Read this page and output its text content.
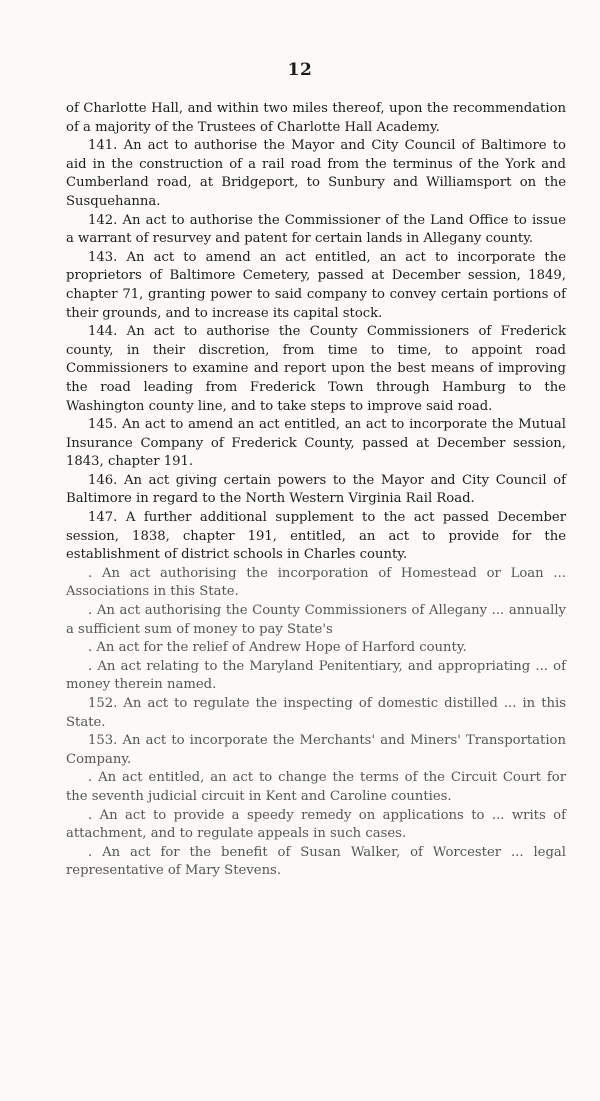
12

of Charlotte Hall, and within two miles thereof, upon the recommendation of a majority of the Trustees of Charlotte Hall Academy.

141. An act to authorise the Mayor and City Council of Baltimore to aid in the construction of a rail road from the terminus of the York and Cumberland road, at Bridgeport, to Sunbury and Williamsport on the Susquehanna.

142. An act to authorise the Commissioner of the Land Office to issue a warrant of resurvey and patent for certain lands in Allegany county.

143. An act to amend an act entitled, an act to incorporate the proprietors of Baltimore Cemetery, passed at December session, 1849, chapter 71, granting power to said company to convey certain portions of their grounds, and to increase its capital stock.

144. An act to authorise the County Commissioners of Frederick county, in their discretion, from time to time, to appoint road Commissioners to examine and report upon the best means of improving the road leading from Frederick Town through Hamburg to the Washington county line, and to take steps to improve said road.

145. An act to amend an act entitled, an act to incorporate the Mutual Insurance Company of Frederick County, passed at December session, 1843, chapter 191.

146. An act giving certain powers to the Mayor and City Council of Baltimore in regard to the North Western Virginia Rail Road.

147. A further additional supplement to the act passed December session, 1838, chapter 191, entitled, an act to provide for the establishment of district schools in Charles county.

. An act authorising the incorporation of Homestead or Loan ... Associations in this State.

. An act authorising the County Commissioners of Allegany ... annually a sufficient sum of money to pay State's

. An act for the relief of Andrew Hope of Harford county.

. An act relating to the Maryland Penitentiary, and appropriating ... of money therein named.

152. An act to regulate the inspecting of domestic distilled ... in this State.

153. An act to incorporate the Merchants' and Miners' Transportation Company.

. An act entitled, an act to change the terms of the Circuit Court for the seventh judicial circuit in Kent and Caroline counties.

. An act to provide a speedy remedy on applications to ... writs of attachment, and to regulate appeals in such cases.

. An act for the benefit of Susan Walker, of Worcester ... legal representative of Mary Stevens.
